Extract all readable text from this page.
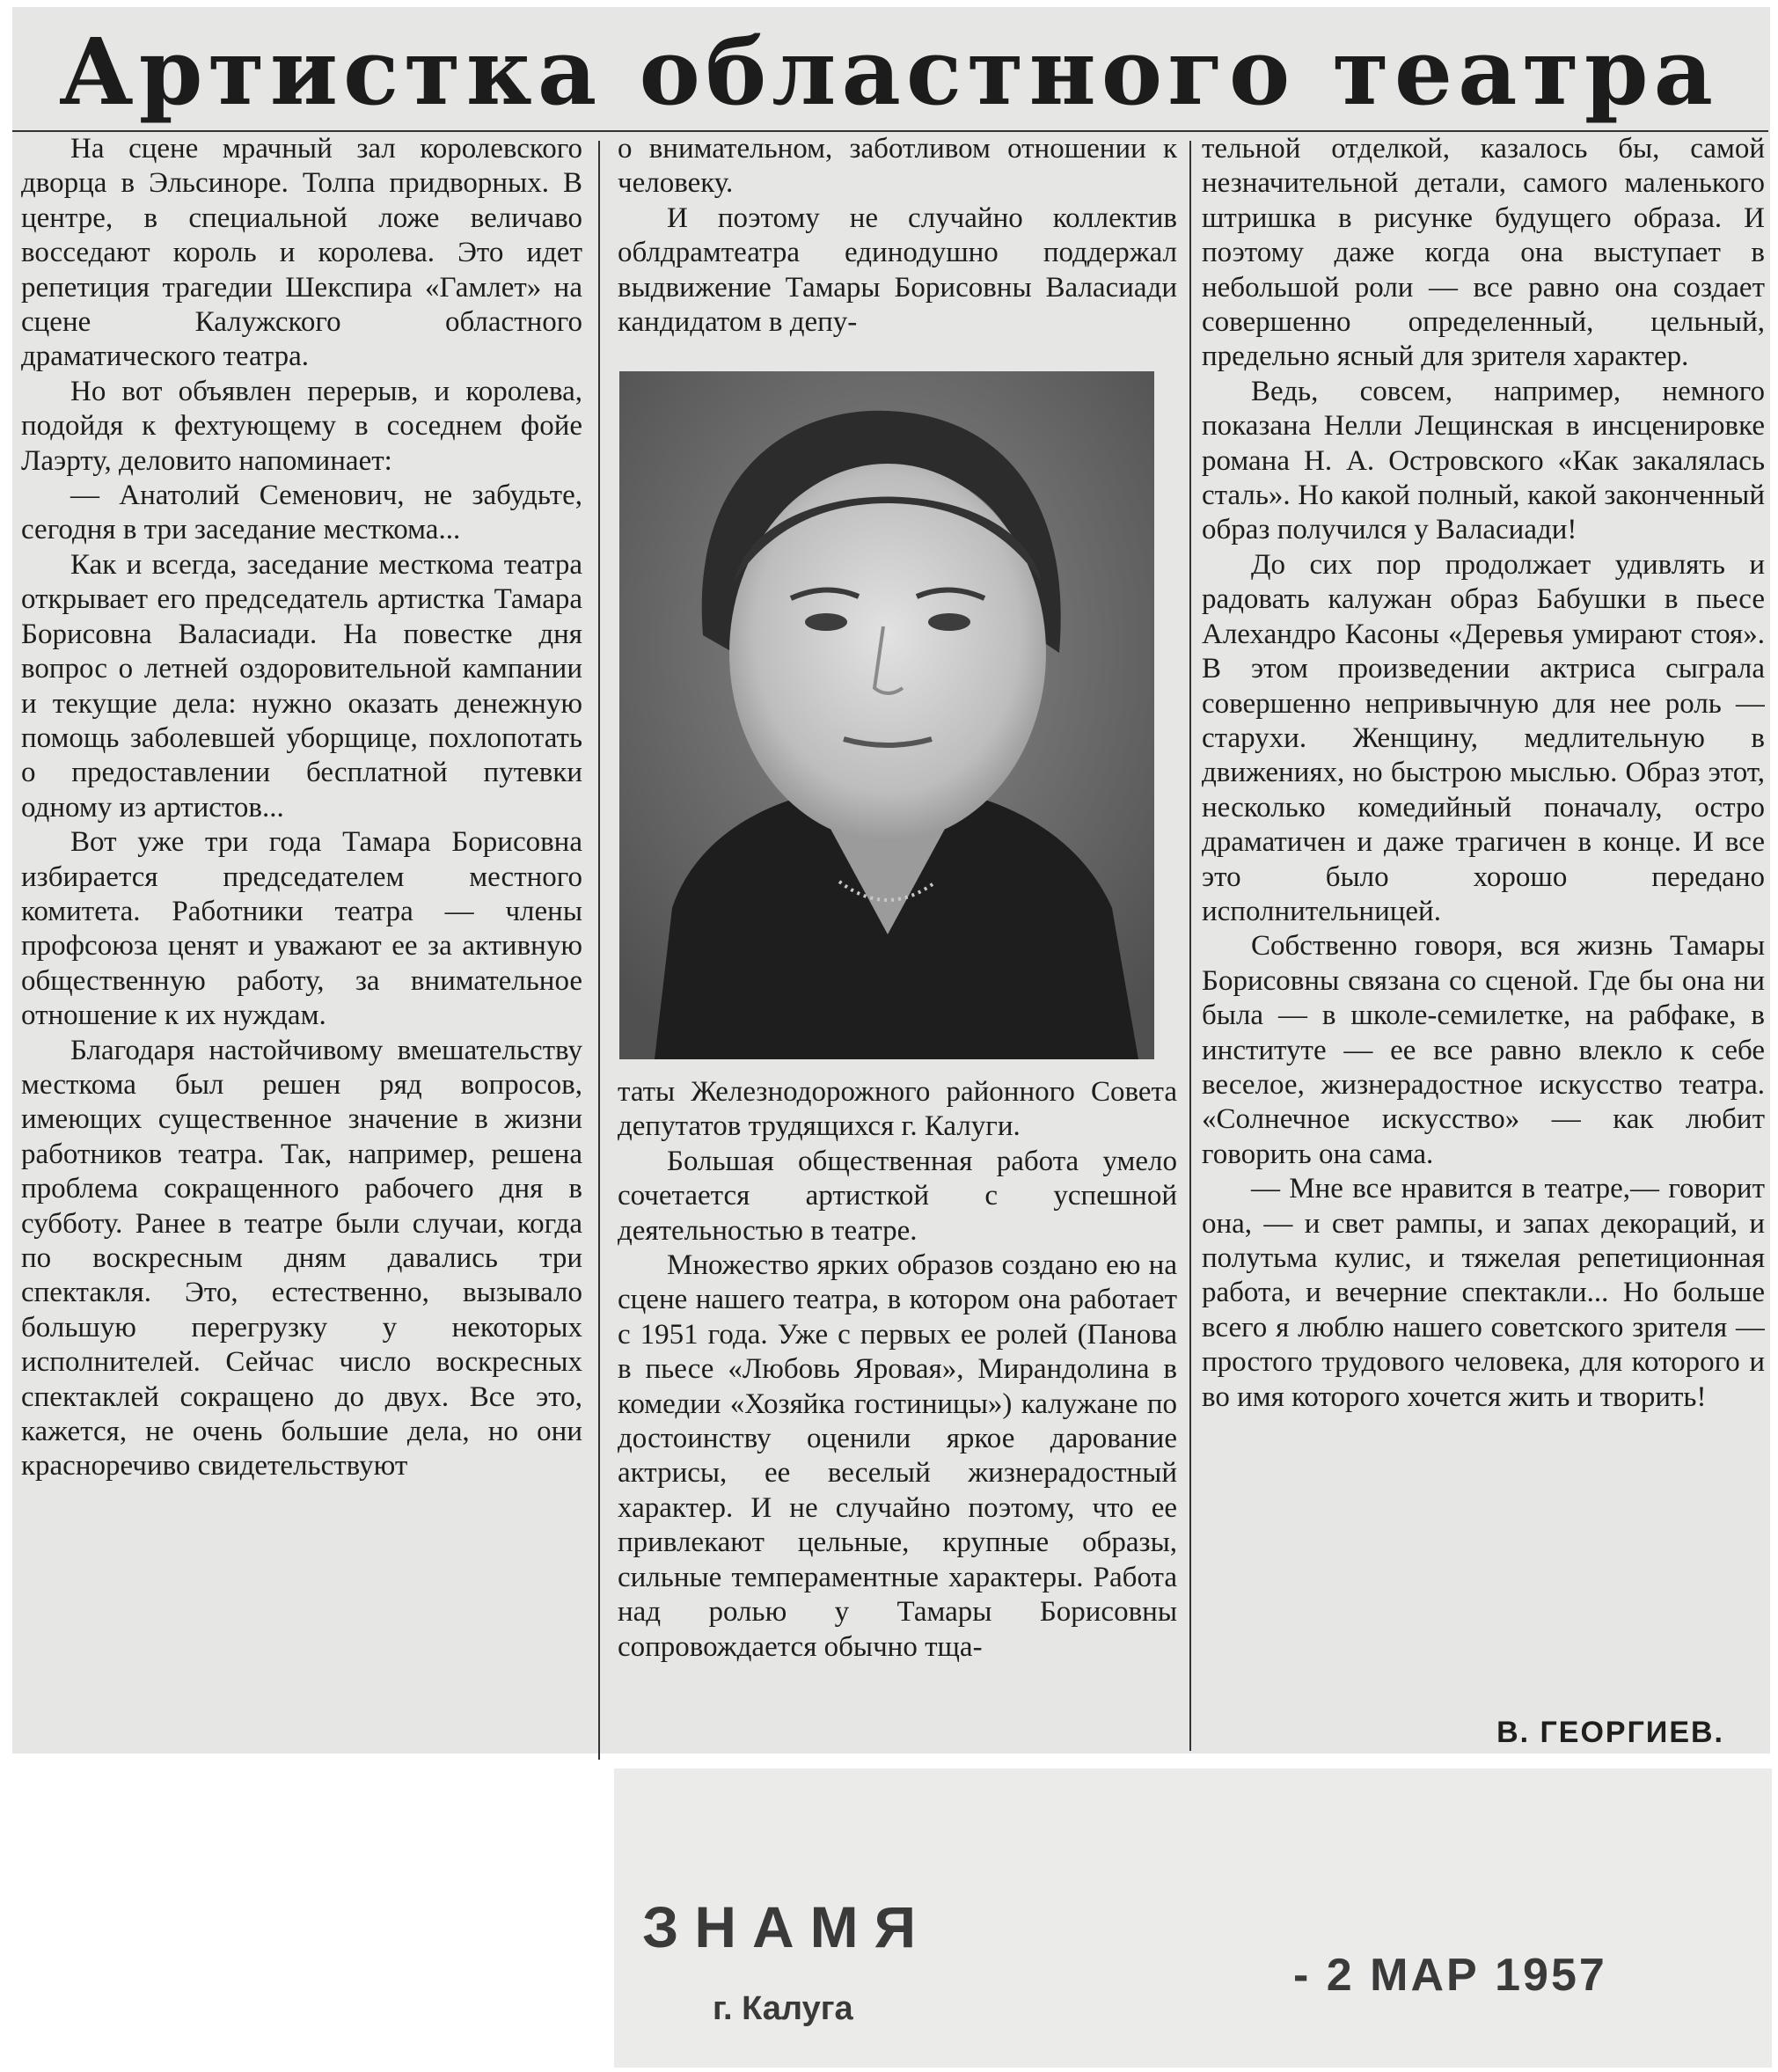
Артистка областного театра

На сцене мрачный зал королевского дворца в Эльсиноре. Толпа придворных. В центре, в специальной ложе величаво восседают король и королева. Это идет репетиция трагедии Шекспира «Гамлет» на сцене Калужского областного драматического театра.

Но вот объявлен перерыв, и королева, подойдя к фехтующему в соседнем фойе Лаэрту, деловито напоминает:

— Анатолий Семенович, не забудьте, сегодня в три заседание месткома...

Как и всегда, заседание месткома театра открывает его председатель артистка Тамара Борисовна Валасиади. На повестке дня вопрос о летней оздоровительной кампании и текущие дела: нужно оказать денежную помощь заболевшей уборщице, похлопотать о предоставлении бесплатной путевки одному из артистов...

Вот уже три года Тамара Борисовна избирается председателем местного комитета. Работники театра — члены профсоюза ценят и уважают ее за активную общественную работу, за внимательное отношение к их нуждам.

Благодаря настойчивому вмешательству месткома был решен ряд вопросов, имеющих существенное значение в жизни работников театра. Так, например, решена проблема сокращенного рабочего дня в субботу. Ранее в театре были случаи, когда по воскресным дням давались три спектакля. Это, естественно, вызывало большую перегрузку у некоторых исполнителей. Сейчас число воскресных спектаклей сокращено до двух. Все это, кажется, не очень большие дела, но они красноречиво свидетельствуют

о внимательном, заботливом отношении к человеку.

И поэтому не случайно коллектив облдрамтеатра единодушно поддержал выдвижение Тамары Борисовны Валасиади кандидатом в депу-

таты Железнодорожного районного Совета депутатов трудящихся г. Калуги.

Большая общественная работа умело сочетается артисткой с успешной деятельностью в театре.

Множество ярких образов создано ею на сцене нашего театра, в котором она работает с 1951 года. Уже с первых ее ролей (Панова в пьесе «Любовь Яровая», Мирандолина в комедии «Хозяйка гостиницы») калужане по достоинству оценили яркое дарование актрисы, ее веселый жизнерадостный характер. И не случайно поэтому, что ее привлекают цельные, крупные образы, сильные темпераментные характеры. Работа над ролью у Тамары Борисовны сопровождается обычно тща-

тельной отделкой, казалось бы, самой незначительной детали, самого маленького штришка в рисунке будущего образа. И поэтому даже когда она выступает в небольшой роли — все равно она создает совершенно определенный, цельный, предельно ясный для зрителя характер.

Ведь, совсем, например, немного показана Нелли Лещинская в инсценировке романа Н. А. Островского «Как закалялась сталь». Но какой полный, какой законченный образ получился у Валасиади!

До сих пор продолжает удивлять и радовать калужан образ Бабушки в пьесе Алехандро Касоны «Деревья умирают стоя». В этом произведении актриса сыграла совершенно непривычную для нее роль — старухи. Женщину, медлительную в движениях, но быстрою мыслью. Образ этот, несколько комедийный поначалу, остро драматичен и даже трагичен в конце. И все это было хорошо передано исполнительницей.

Собственно говоря, вся жизнь Тамары Борисовны связана со сценой. Где бы она ни была — в школе-семилетке, на рабфаке, в институте — ее все равно влекло к себе веселое, жизнерадостное искусство театра. «Солнечное искусство» — как любит говорить она сама.

— Мне все нравится в театре,— говорит она, — и свет рампы, и запах декораций, и полутьма кулис, и тяжелая репетиционная работа, и вечерние спектакли... Но больше всего я люблю нашего советского зрителя — простого трудового человека, для которого и во имя которого хочется жить и творить!

В. ГЕОРГИЕВ.
ЗНАМЯ
г. Калуга
- 2 МАР 1957
